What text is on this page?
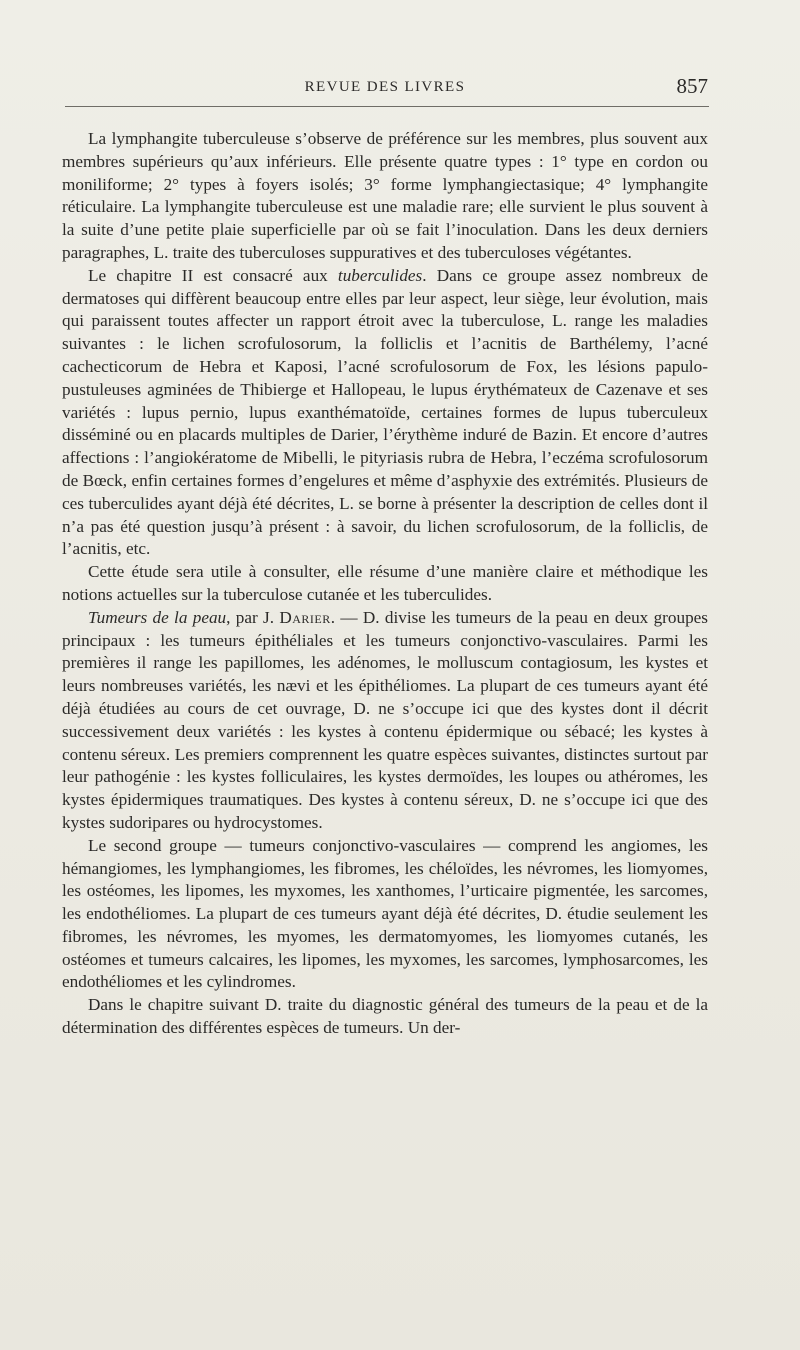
REVUE DES LIVRES	857

La lymphangite tuberculeuse s’observe de préférence sur les membres, plus souvent aux membres supérieurs qu’aux inférieurs. Elle présente quatre types : 1° type en cordon ou moniliforme; 2° types à foyers isolés; 3° forme lymphangiectasique; 4° lymphangite réticulaire. La lymphangite tuberculeuse est une maladie rare; elle survient le plus souvent à la suite d’une petite plaie superficielle par où se fait l’inoculation. Dans les deux derniers paragraphes, L. traite des tuberculoses suppuratives et des tuberculoses végétantes.

Le chapitre II est consacré aux tuberculides. Dans ce groupe assez nombreux de dermatoses qui diffèrent beaucoup entre elles par leur aspect, leur siège, leur évolution, mais qui paraissent toutes affecter un rapport étroit avec la tuberculose, L. range les maladies suivantes : le lichen scrofulosorum, la folliclis et l’acnitis de Barthélemy, l’acné cachecticorum de Hebra et Kaposi, l’acné scrofulosorum de Fox, les lésions papulo-pustuleuses agminées de Thibierge et Hallopeau, le lupus érythémateux de Cazenave et ses variétés : lupus pernio, lupus exanthématoïde, certaines formes de lupus tuberculeux disséminé ou en placards multiples de Darier, l’érythème induré de Bazin. Et encore d’autres affections : l’angiokératome de Mibelli, le pityriasis rubra de Hebra, l’eczéma scrofulosorum de Bœck, enfin certaines formes d’engelures et même d’asphyxie des extrémités. Plusieurs de ces tuberculides ayant déjà été décrites, L. se borne à présenter la description de celles dont il n’a pas été question jusqu’à présent : à savoir, du lichen scrofulosorum, de la folliclis, de l’acnitis, etc.

Cette étude sera utile à consulter, elle résume d’une manière claire et méthodique les notions actuelles sur la tuberculose cutanée et les tuberculides.

Tumeurs de la peau, par J. Darier. — D. divise les tumeurs de la peau en deux groupes principaux : les tumeurs épithéliales et les tumeurs conjonctivo-vasculaires. Parmi les premières il range les papillomes, les adénomes, le molluscum contagiosum, les kystes et leurs nombreuses variétés, les nævi et les épithéliomes. La plupart de ces tumeurs ayant été déjà étudiées au cours de cet ouvrage, D. ne s’occupe ici que des kystes dont il décrit successivement deux variétés : les kystes à contenu épidermique ou sébacé; les kystes à contenu séreux. Les premiers comprennent les quatre espèces suivantes, distinctes surtout par leur pathogénie : les kystes folliculaires, les kystes dermoïdes, les loupes ou athéromes, les kystes épidermiques traumatiques. Des kystes à contenu séreux, D. ne s’occupe ici que des kystes sudoripares ou hydrocystomes.

Le second groupe — tumeurs conjonctivo-vasculaires — comprend les angiomes, les hémangiomes, les lymphangiomes, les fibromes, les chéloïdes, les névromes, les liomyomes, les ostéomes, les lipomes, les myxomes, les xanthomes, l’urticaire pigmentée, les sarcomes, les endothéliomes. La plupart de ces tumeurs ayant déjà été décrites, D. étudie seulement les fibromes, les névromes, les myomes, les dermatomyomes, les liomyomes cutanés, les ostéomes et tumeurs calcaires, les lipomes, les myxomes, les sarcomes, lymphosarcomes, les endothéliomes et les cylindromes.

Dans le chapitre suivant D. traite du diagnostic général des tumeurs de la peau et de la détermination des différentes espèces de tumeurs. Un der-
